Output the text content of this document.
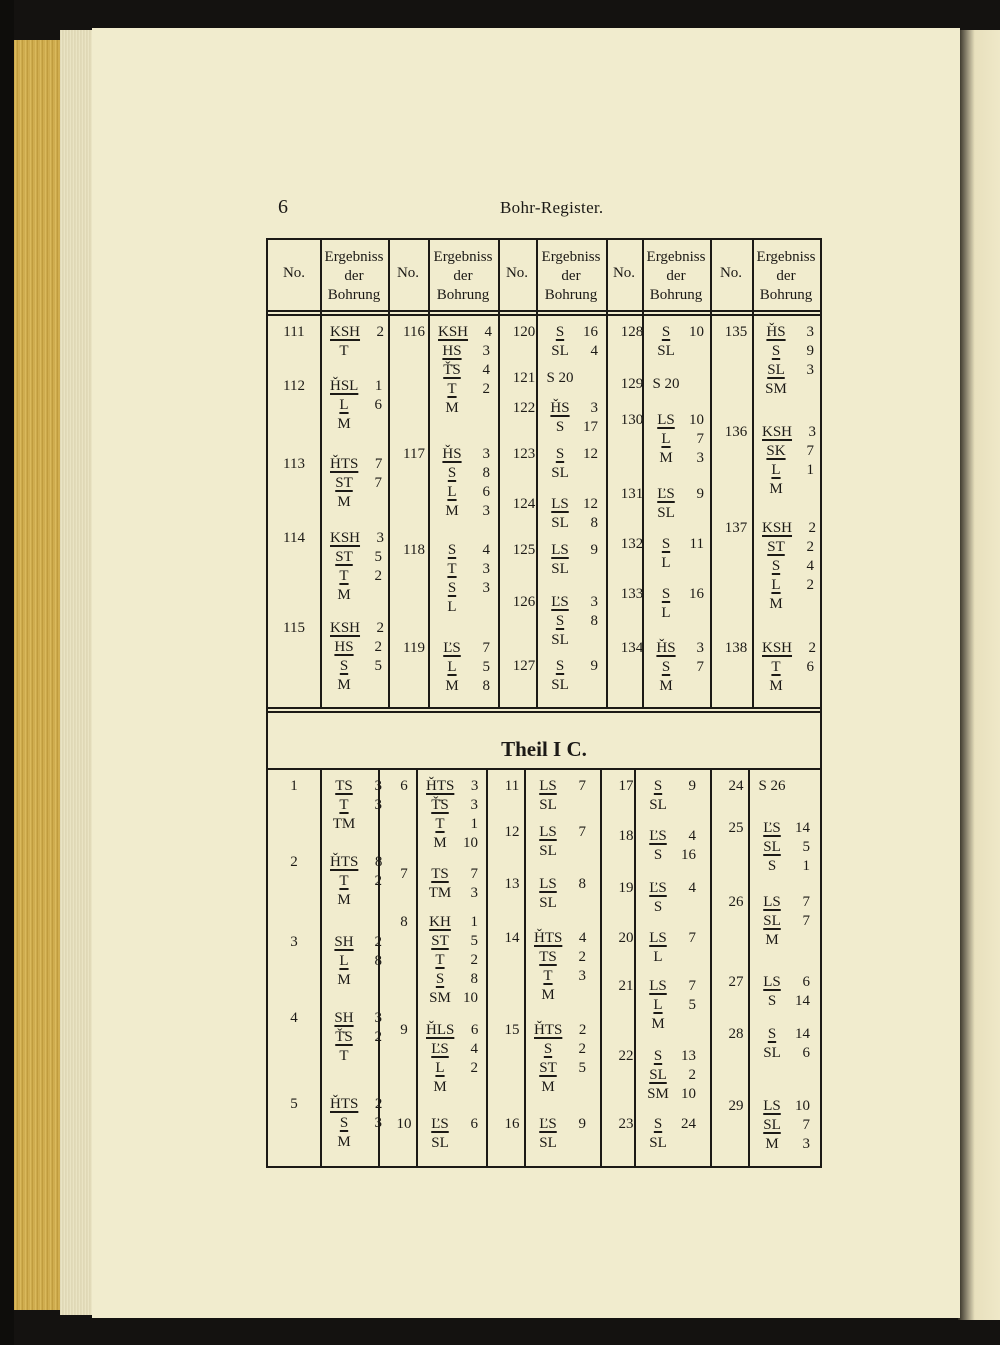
6	Bohr-Register.
Theil I C.
No.
Ergebniss
der
Bohrung
No.
Ergebniss
der
Bohrung
No.
Ergebniss
der
Bohrung
No.
Ergebniss
der
Bohrung
No.
Ergebniss
der
Bohrung
111	KSH	2
T
112	ȞSL	1
L	6
M
113	ȞTS	7
ST	7
M
114	KSH	3
ST	5
T	2
M
115	KSH	2
HS	2
S	5
M
116 KSH	4
HS	3
Ť̄S	4
T	2
M
117	ȞS	3
S	8
L	6
M	3
118	S	4
T	3
S	3
L
119	ĽS	7
L	5
M	8
120	S	16
SL	4
121 S 20
122	ȞS	3
S	17
123	S	12
SL
124	LS 12
SL	8
125	LS	9
SL
126	ĽS	3
S	8
SL
127	S	9
SL
128	S	10
SL
129 S 20
130 LS 10
L	7
M	3
131 ĽS	9
SL
132	S	11
L
133	S	16
L
134 ȞS	3
S	7
M
135	ȞS	3
S	9
SL	3
SM
136 KSH	3
SK	7
L	1
M
137 KSH	2
ST	2
S	4
L	2
M
138 KSH	2
T	6
M
1	TS	3
T	3
TM
2	ȞTS	8
T	2
M
3	SH	2
L	8
M
4	SH	3
Ť̄S	2
T
5	ȞTS	2
S	3
M
6	ȞTS	3
Ť̄S	3
T	1
M	10
7	TS	7
TM	3
8	KH	1
ST	5
T	2
S	8
SM 10
9	ȞLS	6
ĽS	4
L	2
M
10	ĽS	6
SL
11	LS	7
SL
12	LS	7
SL
13	LS	8
SL
14 ȞTS	4
TS	2
T	3
M
15 ȞTS	2
S	2
ST	5
M
16	ĽS	9
SL
17	S	9
SL
18	ĽS	4
S	16
19	ĽS	4
S
20	LS	7
L
21	LS	7
L	5
M
22	S	13
SL	2
SM 10
23	S	24
SL
24 S 26
25	ĽS 14
SL	5
S	1
26	LS	7
SL	7
M
27	LS	6
S	14
28	S	14
SL	6
29	LS 10
SL	7
M	3
